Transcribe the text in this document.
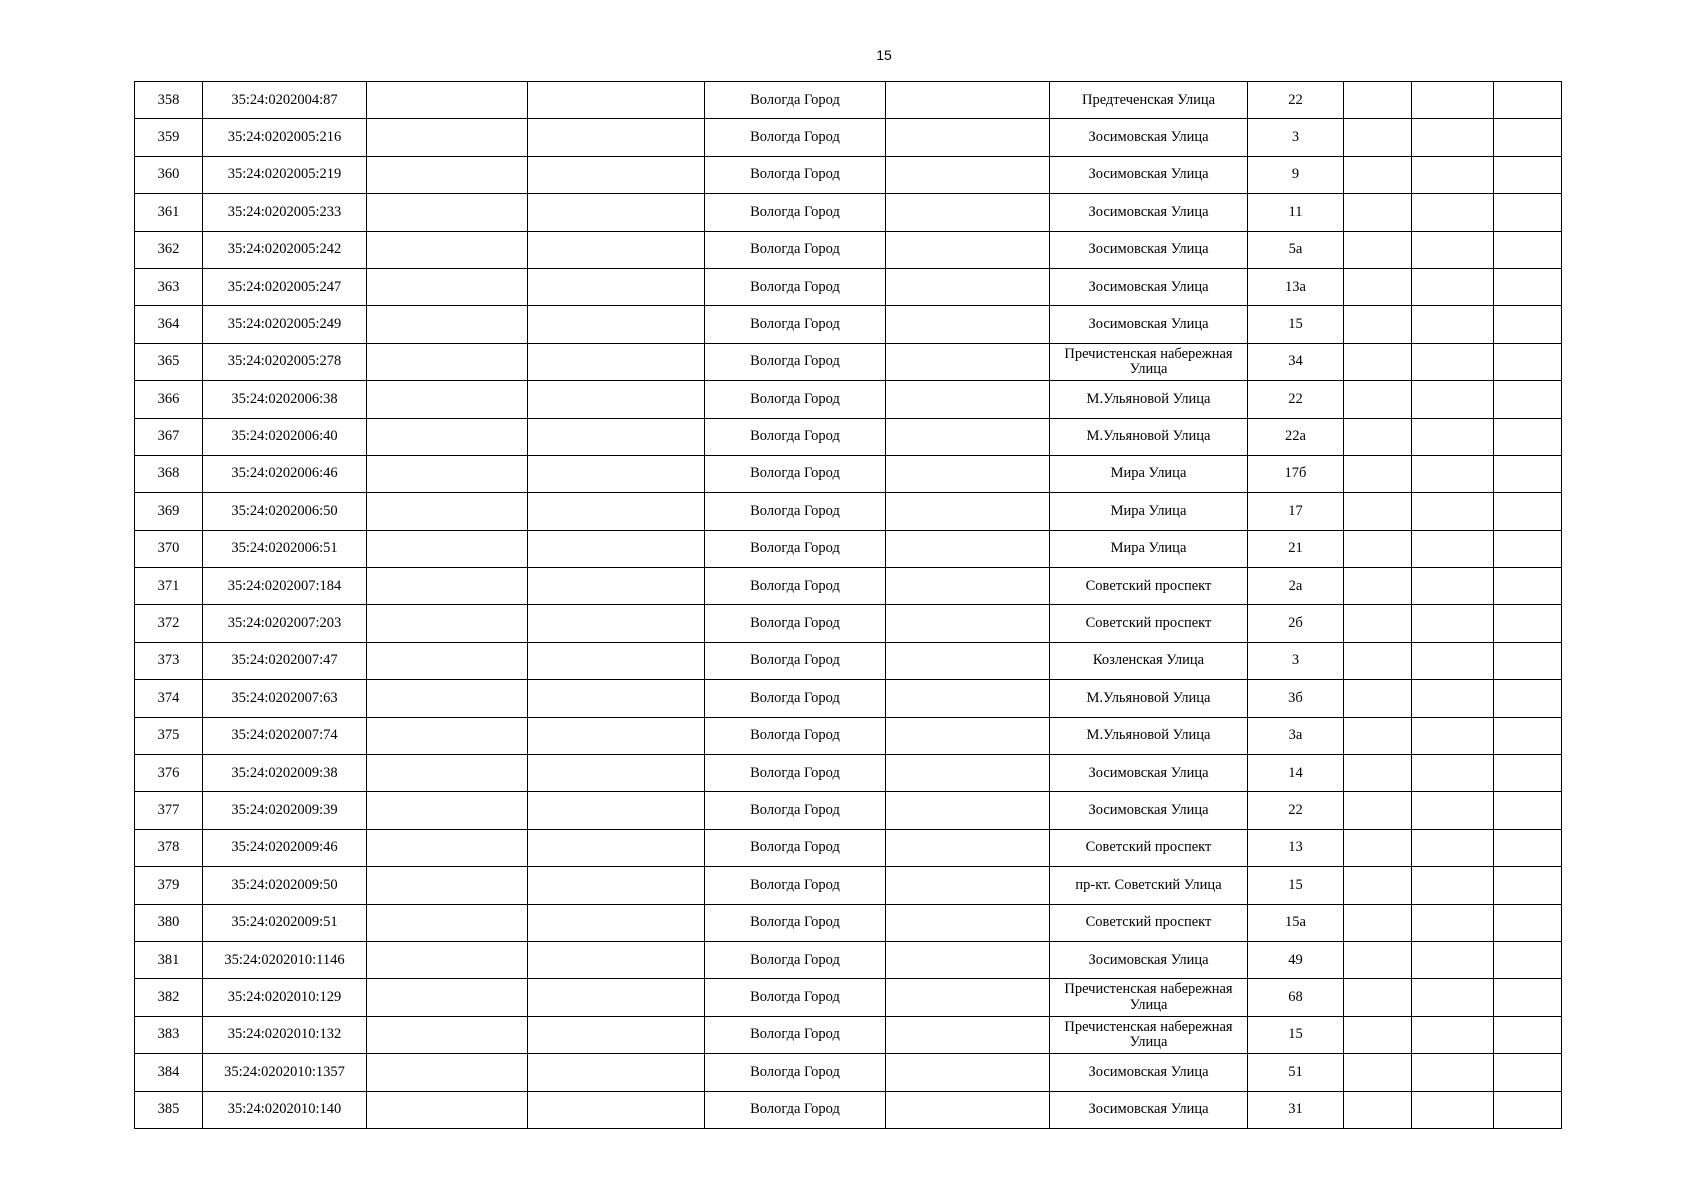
15
358	35:24:0202004:87			Вологда Город		Предтеченская Улица	22			
359	35:24:0202005:216			Вологда Город		Зосимовская Улица	3			
360	35:24:0202005:219			Вологда Город		Зосимовская Улица	9			
361	35:24:0202005:233			Вологда Город		Зосимовская Улица	11			
362	35:24:0202005:242			Вологда Город		Зосимовская Улица	5а			
363	35:24:0202005:247			Вологда Город		Зосимовская Улица	13а			
364	35:24:0202005:249			Вологда Город		Зосимовская Улица	15			
365	35:24:0202005:278			Вологда Город		Пречистенская набережная Улица	34			
366	35:24:0202006:38			Вологда Город		М.Ульяновой Улица	22			
367	35:24:0202006:40			Вологда Город		М.Ульяновой Улица	22а			
368	35:24:0202006:46			Вологда Город		Мира Улица	17б			
369	35:24:0202006:50			Вологда Город		Мира Улица	17			
370	35:24:0202006:51			Вологда Город		Мира Улица	21			
371	35:24:0202007:184			Вологда Город		Советский проспект	2а			
372	35:24:0202007:203			Вологда Город		Советский проспект	2б			
373	35:24:0202007:47			Вологда Город		Козленская Улица	3			
374	35:24:0202007:63			Вологда Город		М.Ульяновой Улица	3б			
375	35:24:0202007:74			Вологда Город		М.Ульяновой Улица	3а			
376	35:24:0202009:38			Вологда Город		Зосимовская Улица	14			
377	35:24:0202009:39			Вологда Город		Зосимовская Улица	22			
378	35:24:0202009:46			Вологда Город		Советский проспект	13			
379	35:24:0202009:50			Вологда Город		пр-кт. Советский Улица	15			
380	35:24:0202009:51			Вологда Город		Советский проспект	15а			
381	35:24:0202010:1146			Вологда Город		Зосимовская Улица	49			
382	35:24:0202010:129			Вологда Город		Пречистенская набережная Улица	68			
383	35:24:0202010:132			Вологда Город		Пречистенская набережная Улица	15			
384	35:24:0202010:1357			Вологда Город		Зосимовская Улица	51			
385	35:24:0202010:140			Вологда Город		Зосимовская Улица	31			
